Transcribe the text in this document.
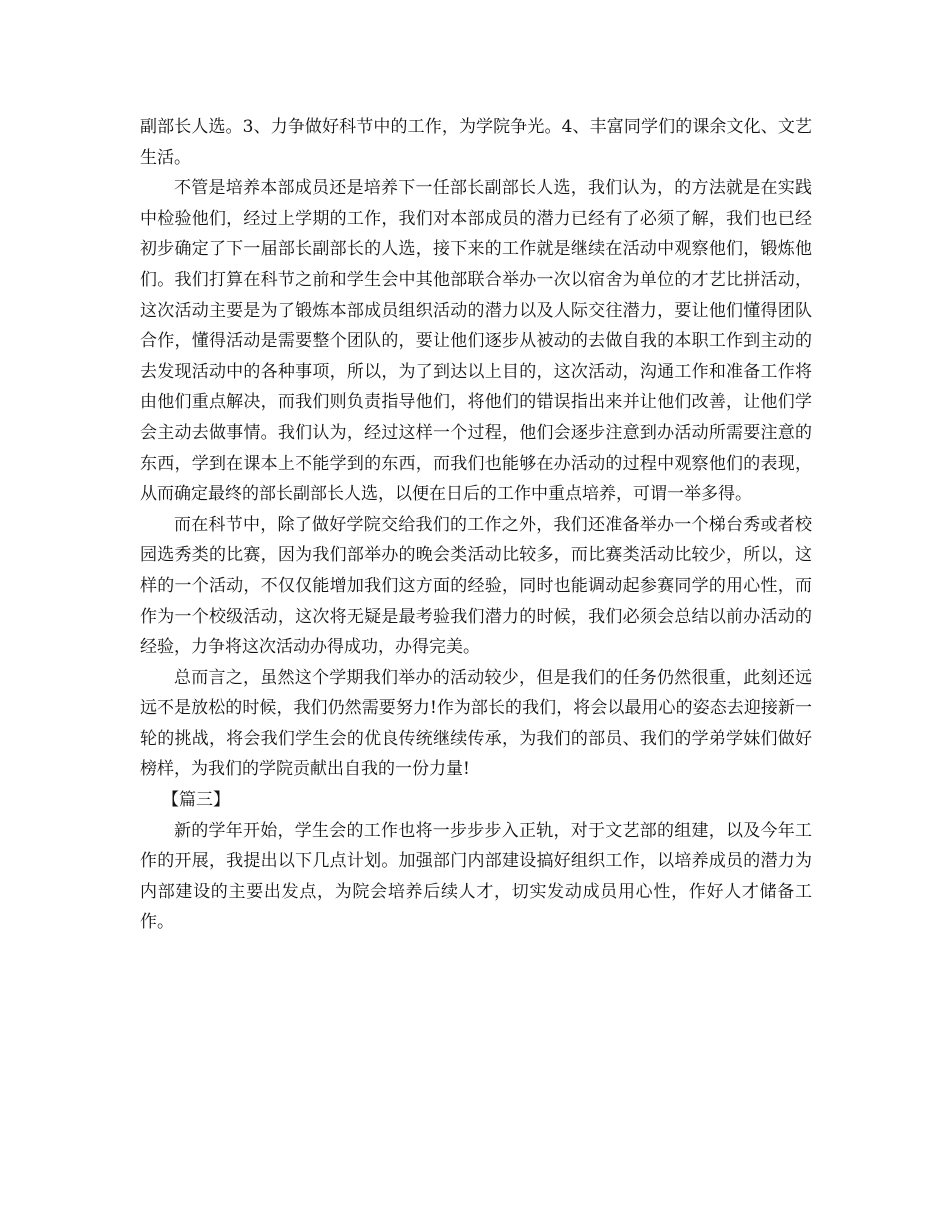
副部长人选。3、力争做好科节中的工作，为学院争光。4、丰富同学们的课余文化、文艺生活。

不管是培养本部成员还是培养下一任部长副部长人选，我们认为，的方法就是在实践中检验他们，经过上学期的工作，我们对本部成员的潜力已经有了必须了解，我们也已经初步确定了下一届部长副部长的人选，接下来的工作就是继续在活动中观察他们，锻炼他们。我们打算在科节之前和学生会中其他部联合举办一次以宿舍为单位的才艺比拼活动，这次活动主要是为了锻炼本部成员组织活动的潜力以及人际交往潜力，要让他们懂得团队合作，懂得活动是需要整个团队的，要让他们逐步从被动的去做自我的本职工作到主动的去发现活动中的各种事项，所以，为了到达以上目的，这次活动，沟通工作和准备工作将由他们重点解决，而我们则负责指导他们，将他们的错误指出来并让他们改善，让他们学会主动去做事情。我们认为，经过这样一个过程，他们会逐步注意到办活动所需要注意的东西，学到在课本上不能学到的东西，而我们也能够在办活动的过程中观察他们的表现，从而确定最终的部长副部长人选，以便在日后的工作中重点培养，可谓一举多得。

而在科节中，除了做好学院交给我们的工作之外，我们还准备举办一个梯台秀或者校园选秀类的比赛，因为我们部举办的晚会类活动比较多，而比赛类活动比较少，所以，这样的一个活动，不仅仅能增加我们这方面的经验，同时也能调动起参赛同学的用心性，而作为一个校级活动，这次将无疑是最考验我们潜力的时候，我们必须会总结以前办活动的经验，力争将这次活动办得成功，办得完美。

总而言之，虽然这个学期我们举办的活动较少，但是我们的任务仍然很重，此刻还远远不是放松的时候，我们仍然需要努力!作为部长的我们，将会以最用心的姿态去迎接新一轮的挑战，将会我们学生会的优良传统继续传承，为我们的部员、我们的学弟学妹们做好榜样，为我们的学院贡献出自我的一份力量!

【篇三】

新的学年开始，学生会的工作也将一步步步入正轨，对于文艺部的组建，以及今年工作的开展，我提出以下几点计划。加强部门内部建设搞好组织工作，以培养成员的潜力为内部建设的主要出发点，为院会培养后续人才，切实发动成员用心性，作好人才储备工作。
